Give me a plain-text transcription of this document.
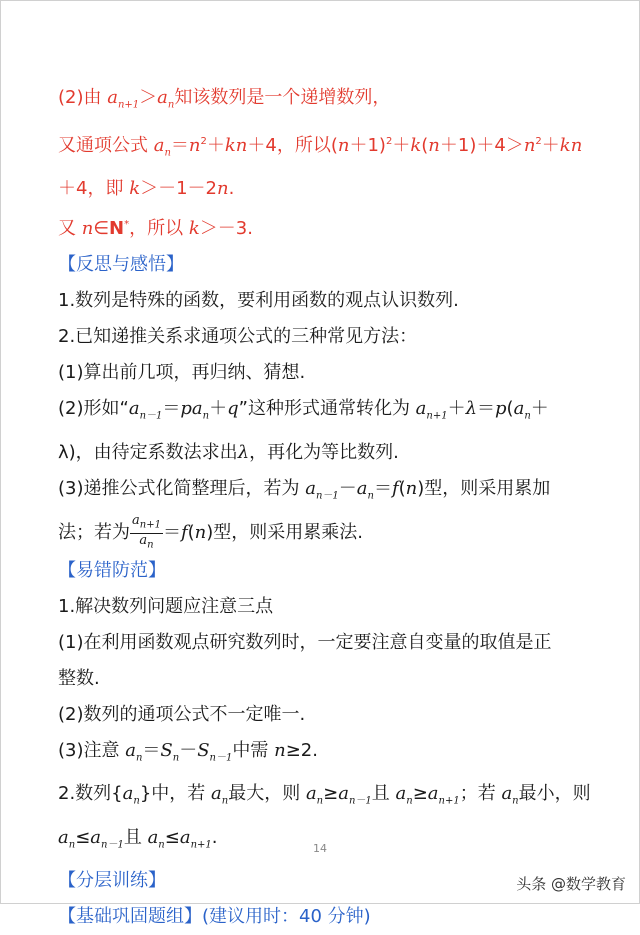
(2)由 $a_{n+1}>a_n$知该数列是一个递增数列，
又通项公式 $a_n=n^2+kn+4$，所以$(n+1)^2+k(n+1)+4>n^2+kn$
＋4，即 k＞－1－2n.
又 n∈N*，所以 k＞－3.
【反思与感悟】
1.数列是特殊的函数，要利用函数的观点认识数列.
2.已知递推关系求通项公式的三种常见方法：
(1)算出前几项，再归纳、猜想.
(2)形如“$a_{n-1}=pa_n+q$”这种形式通常转化为 $a_{n+1}+\lambda=p(a_n+$
λ)，由待定系数法求出λ，再化为等比数列.
(3)递推公式化简整理后，若为 $a_{n-1}-a_n=f(n)$型，则采用累加
法；若为 $\frac{a_{n+1}}{a_n} =f(n)$型，则采用累乘法.
【易错防范】
1.解决数列问题应注意三点
(1)在利用函数观点研究数列时，一定要注意自变量的取值是正
整数.
(2)数列的通项公式不一定唯一.
(3)注意 $a_n=S_n-S_{n-1}$中需 n≥2.
2.数列$\{a_n\}$中，若 $a_n$最大，则 $a_n\ge a_{n-1}$且 $a_n\ge a_{n+1}$；若 $a_n$最小，则
$a_n\le a_{n-1}$且 $a_n\le a_{n+1}$.
【分层训练】
【基础巩固题组】(建议用时：40 分钟)
14
头条 @数学教育
